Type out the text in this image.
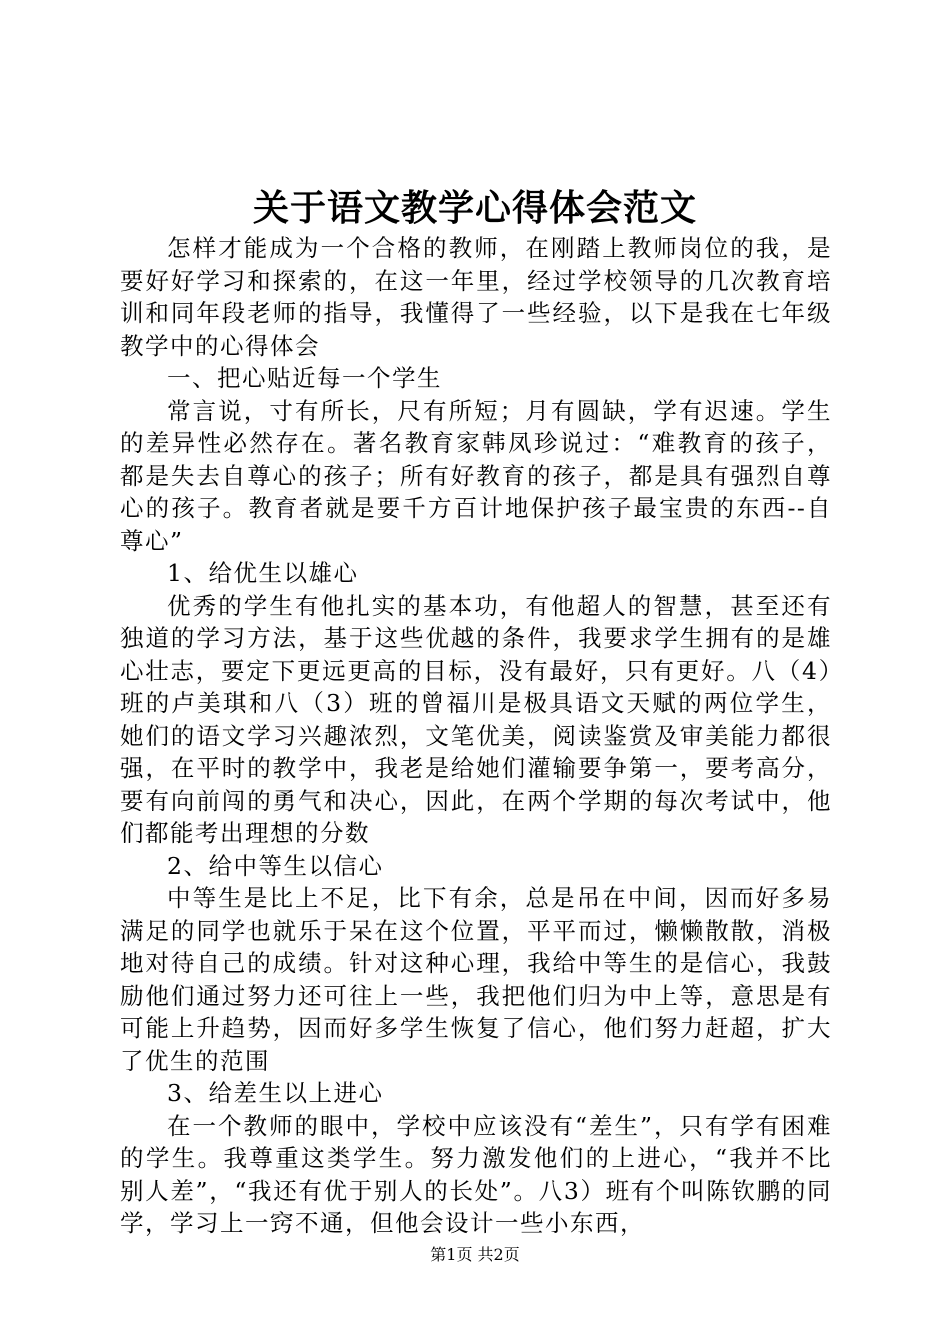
关于语文教学心得体会范文

怎样才能成为一个合格的教师，在刚踏上教师岗位的我，是要好好学习和探索的，在这一年里，经过学校领导的几次教育培训和同年段老师的指导，我懂得了一些经验，以下是我在七年级教学中的心得体会

一、把心贴近每一个学生

常言说，寸有所长，尺有所短；月有圆缺，学有迟速。学生的差异性必然存在。著名教育家韩凤珍说过：“难教育的孩子，都是失去自尊心的孩子；所有好教育的孩子，都是具有强烈自尊心的孩子。教育者就是要千方百计地保护孩子最宝贵的东西--自尊心”

1、给优生以雄心

优秀的学生有他扎实的基本功，有他超人的智慧，甚至还有独道的学习方法，基于这些优越的条件，我要求学生拥有的是雄心壮志，要定下更远更高的目标，没有最好，只有更好。八（4）班的卢美琪和八（3）班的曾福川是极具语文天赋的两位学生，她们的语文学习兴趣浓烈，文笔优美，阅读鉴赏及审美能力都很强，在平时的教学中，我老是给她们灌输要争第一，要考高分，要有向前闯的勇气和决心，因此，在两个学期的每次考试中，他们都能考出理想的分数

2、给中等生以信心

中等生是比上不足，比下有余，总是吊在中间，因而好多易满足的同学也就乐于呆在这个位置，平平而过，懒懒散散，消极地对待自己的成绩。针对这种心理，我给中等生的是信心，我鼓励他们通过努力还可往上一些，我把他们归为中上等，意思是有可能上升趋势，因而好多学生恢复了信心，他们努力赶超，扩大了优生的范围

3、给差生以上进心

在一个教师的眼中，学校中应该没有“差生”，只有学有困难的学生。我尊重这类学生。努力激发他们的上进心，“我并不比别人差”，“我还有优于别人的长处”。八3）班有个叫陈钦鹏的同学，学习上一窍不通，但他会设计一些小东西，

第1页 共2页
